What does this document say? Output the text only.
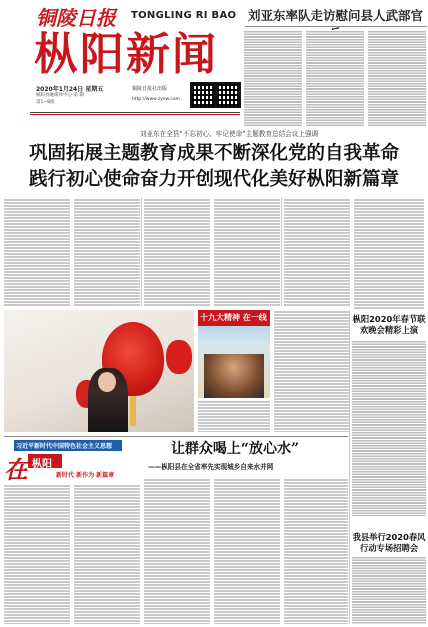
铜陵日报 TONGLING RI BAO
枞阳新闻
2020年1月24日 星期五
枞阳县融媒体中心·第 期
第1~8版
铜陵日报社出版
http://www.zyxw.com
刘亚东率队走访慰问县人武部官
刘亚东在全县“不忘初心、牢记使命”主题教育总结会议上强调
巩固拓展主题教育成果不断深化党的自我革命
践行初心使命奋力开创现代化美好枞阳新篇章
十九大精神 在一线	枞阳2020年春节联欢晚会精彩上演
习近平新时代中国特色社会主义思想
在 枞阳
新时代 新作为 新篇章
让群众喝上“放心水”
——枞阳县在全省率先实现城乡自来水并网
我县举行2020春风行动专场招聘会
